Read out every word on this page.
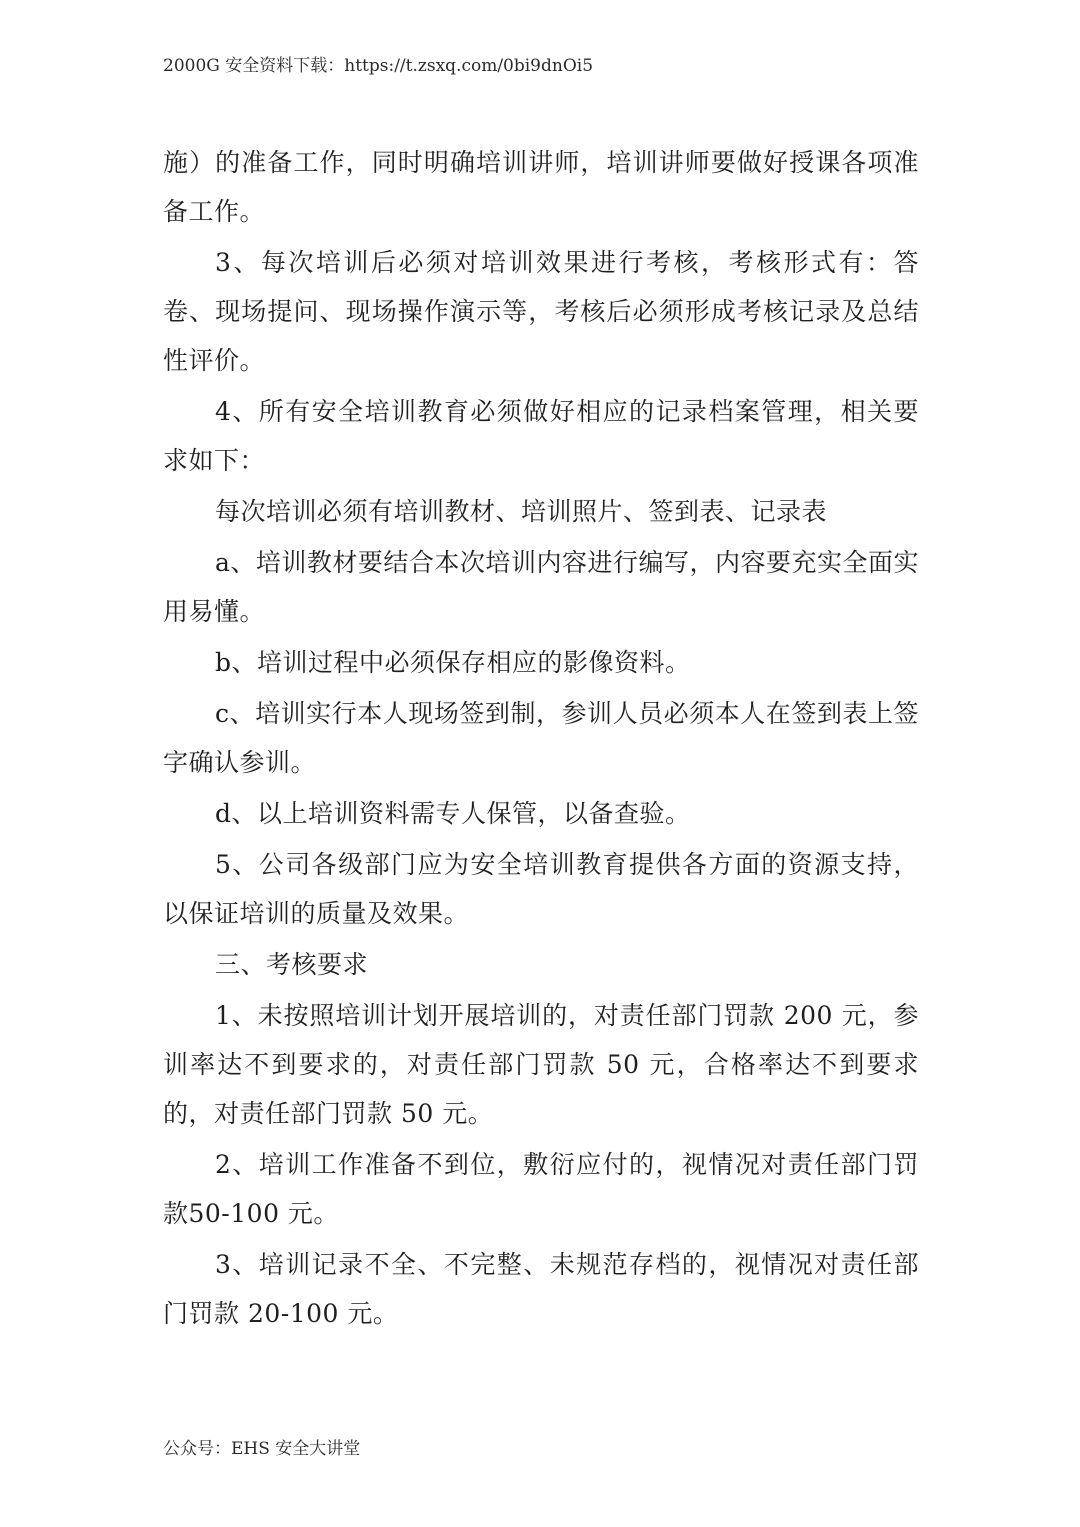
2000G 安全资料下载：https://t.zsxq.com/0bi9dnOi5

施）的准备工作，同时明确培训讲师，培训讲师要做好授课各项准备工作。

3、每次培训后必须对培训效果进行考核，考核形式有：答卷、现场提问、现场操作演示等，考核后必须形成考核记录及总结性评价。

4、所有安全培训教育必须做好相应的记录档案管理，相关要求如下：

每次培训必须有培训教材、培训照片、签到表、记录表

a、培训教材要结合本次培训内容进行编写，内容要充实全面实用易懂。

b、培训过程中必须保存相应的影像资料。

c、培训实行本人现场签到制，参训人员必须本人在签到表上签字确认参训。

d、以上培训资料需专人保管，以备查验。

5、公司各级部门应为安全培训教育提供各方面的资源支持，以保证培训的质量及效果。

三、考核要求

1、未按照培训计划开展培训的，对责任部门罚款 200 元，参训率达不到要求的，对责任部门罚款 50 元，合格率达不到要求的，对责任部门罚款 50 元。

2、培训工作准备不到位，敷衍应付的，视情况对责任部门罚款50-100 元。

3、培训记录不全、不完整、未规范存档的，视情况对责任部门罚款 20-100 元。

公众号：EHS 安全大讲堂
